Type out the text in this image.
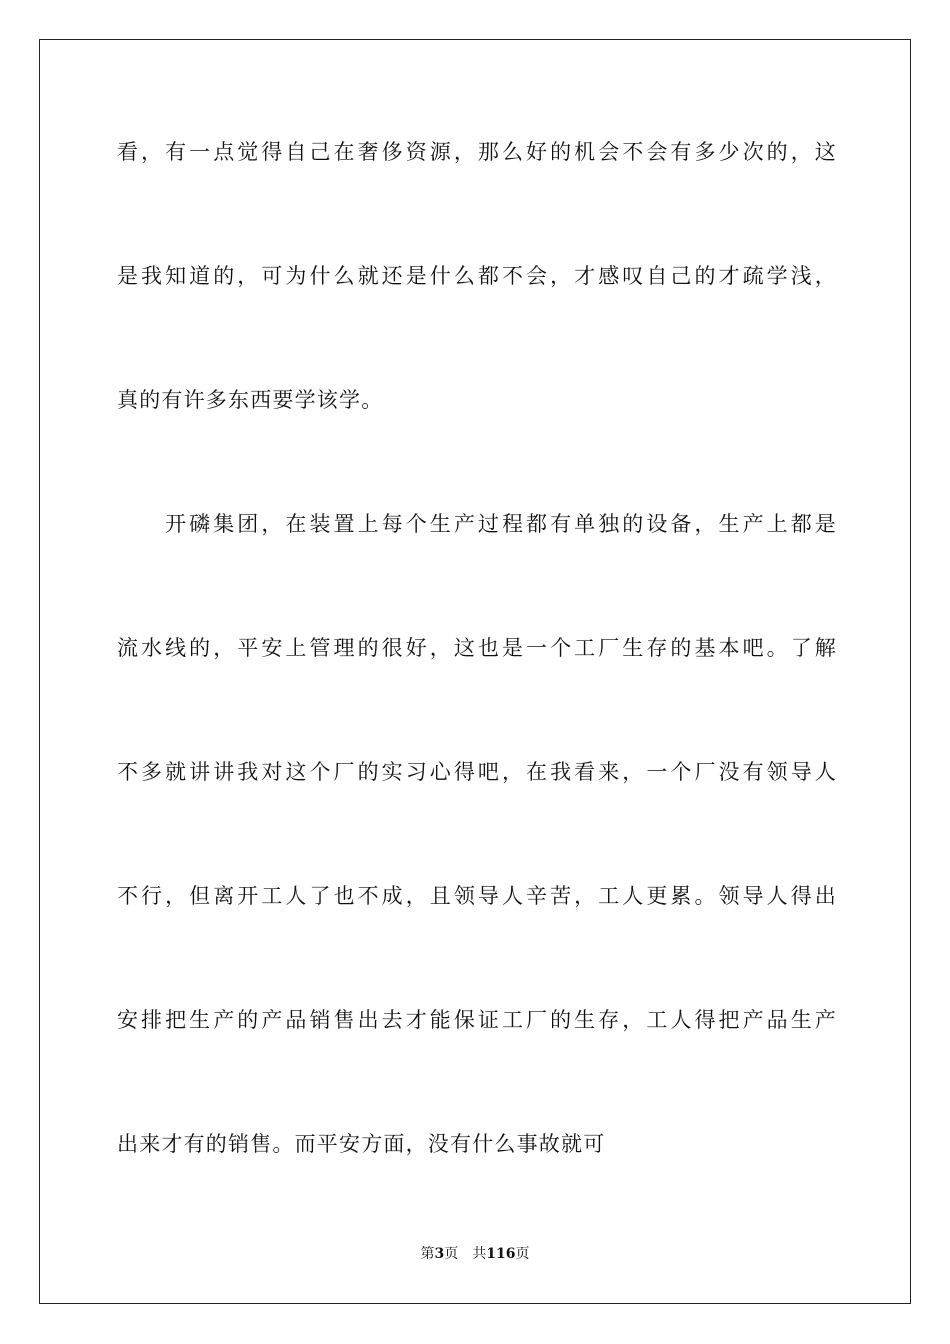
看，有一点觉得自己在奢侈资源，那么好的机会不会有多少次的，这
是我知道的，可为什么就还是什么都不会，才感叹自己的才疏学浅，
真的有许多东西要学该学。
　　开磷集团，在装置上每个生产过程都有单独的设备，生产上都是
流水线的，平安上管理的很好，这也是一个工厂生存的基本吧。了解
不多就讲讲我对这个厂的实习心得吧，在我看来，一个厂没有领导人
不行，但离开工人了也不成，且领导人辛苦，工人更累。领导人得出
安排把生产的产品销售出去才能保证工厂的生存，工人得把产品生产
出来才有的销售。而平安方面，没有什么事故就可
第3页 共116页
